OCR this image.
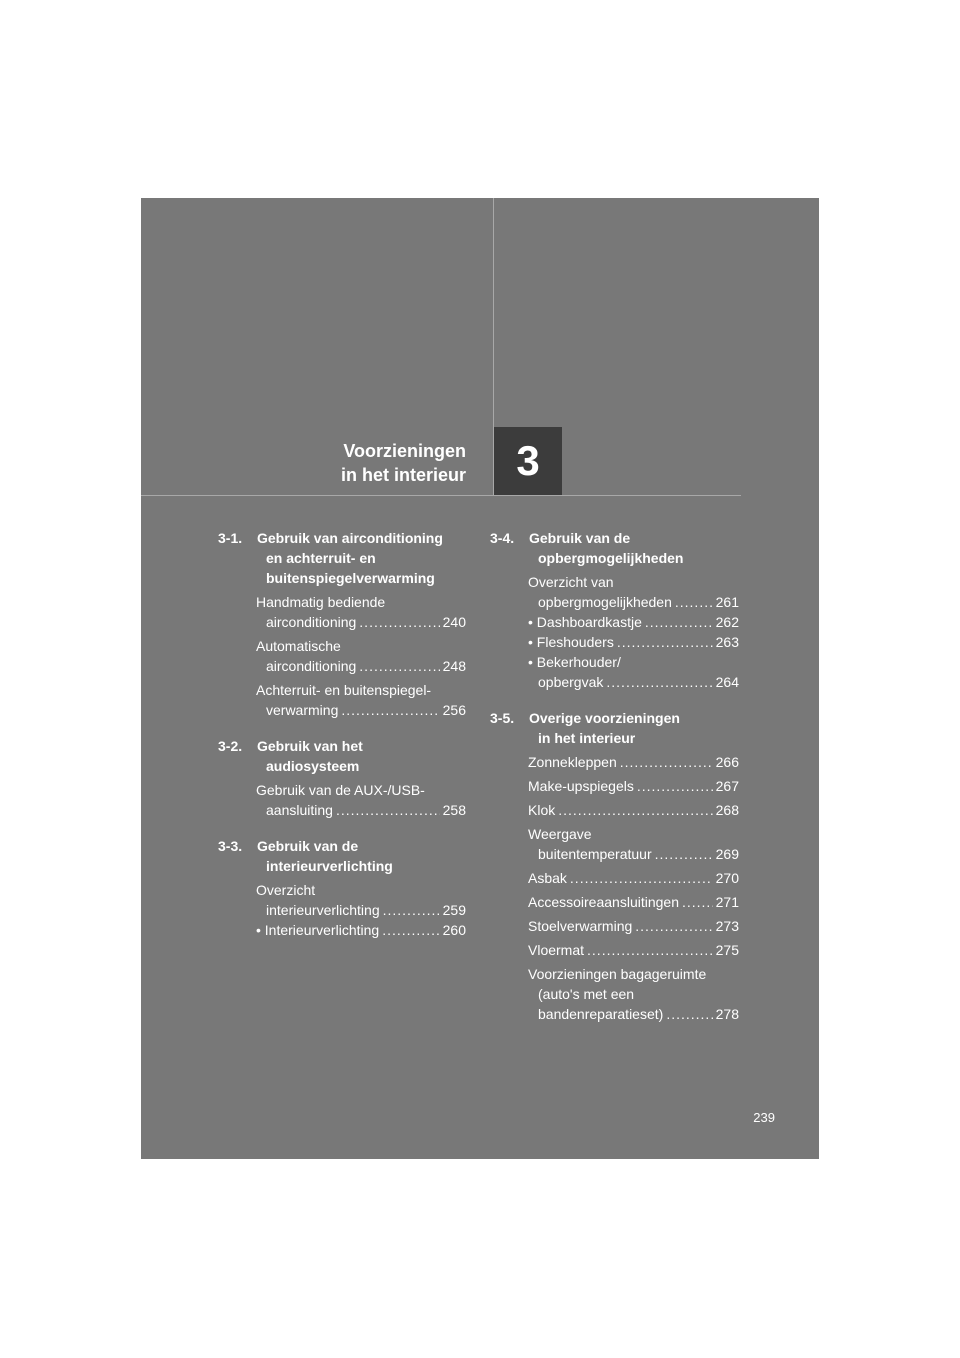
Voorzieningen
in het interieur	3
3-1. Gebruik van airconditioning
en achterruit- en
buitenspiegelverwarming
Handmatig bediende
airconditioning .....	240
Automatische
airconditioning .....	248
Achterruit- en buitenspiegel-
verwarming .....	256
3-2. Gebruik van het
audiosysteem
Gebruik van de AUX-/USB-
aansluiting .....	258
3-3. Gebruik van de
interieurverlichting
Overzicht
interieurverlichting .....	259
• Interieurverlichting .....	260
3-4. Gebruik van de
opbergmogelijkheden
Overzicht van
opbergmogelijkheden .....	261
• Dashboardkastje .....	262
• Fleshouders .....	263
• Bekerhouder/
opbergvak .....	264
3-5. Overige voorzieningen
in het interieur
Zonnekleppen .....	266
Make-upspiegels .....	267
Klok .....	268
Weergave
buitentemperatuur .....	269
Asbak .....	270
Accessoireaansluitingen .....	271
Stoelverwarming .....	273
Vloermat .....	275
Voorzieningen bagageruimte
(auto's met een
bandenreparatieset) .....	278
239
